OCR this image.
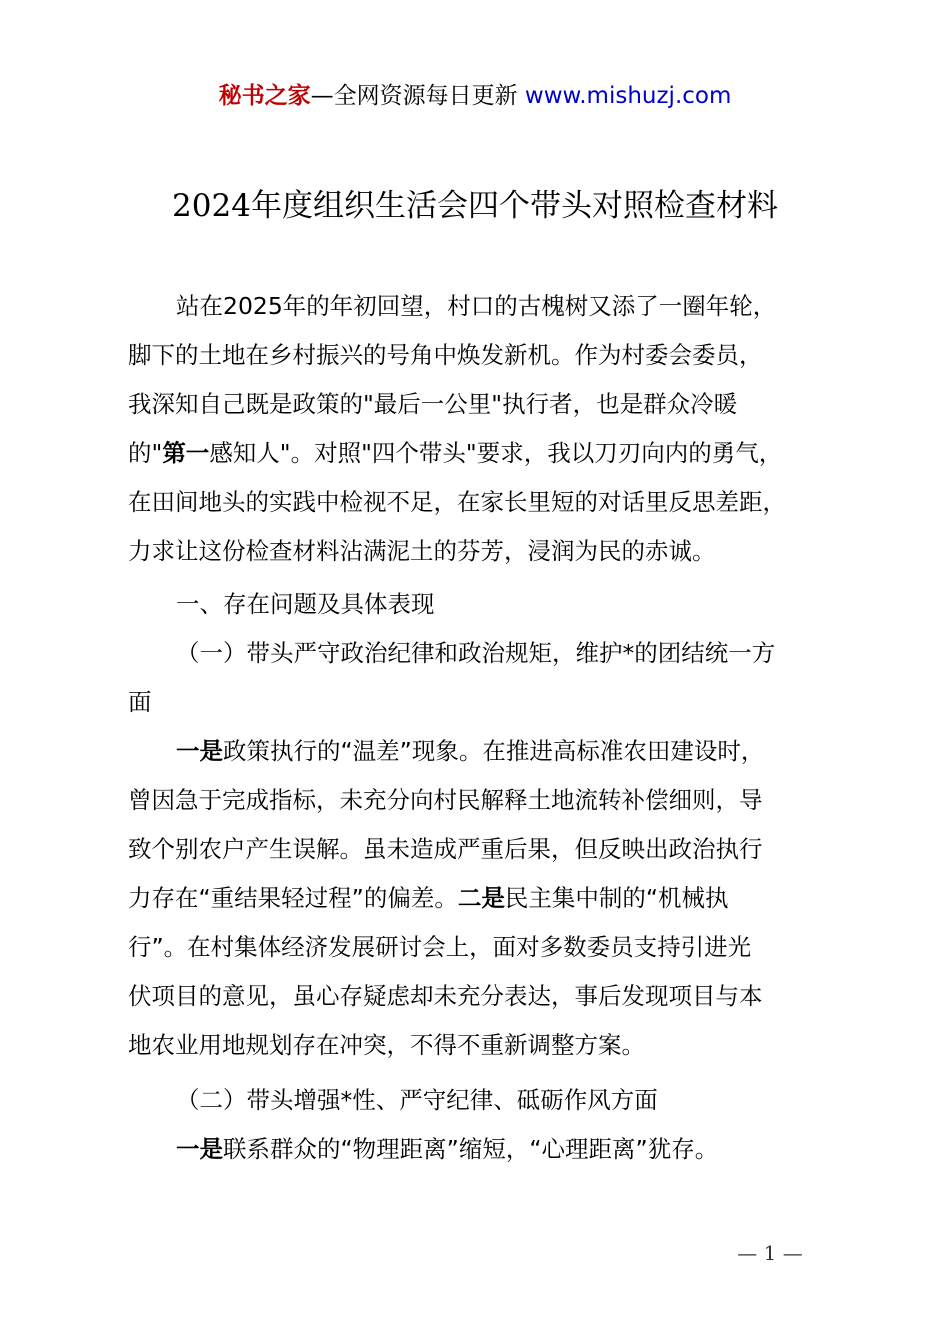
秘书之家—全网资源每日更新 www.mishuzj.com
2024年度组织生活会四个带头对照检查材料
站在2025年的年初回望，村口的古槐树又添了一圈年轮，
脚下的土地在乡村振兴的号角中焕发新机。作为村委会委员，
我深知自己既是政策的"最后一公里"执行者，也是群众冷暖
的"第一感知人"。对照"四个带头"要求，我以刀刃向内的勇气，
在田间地头的实践中检视不足，在家长里短的对话里反思差距，
力求让这份检查材料沾满泥土的芬芳，浸润为民的赤诚。
一、存在问题及具体表现
（一）带头严守政治纪律和政治规矩，维护*的团结统一方
面
一是政策执行的“温差”现象。在推进高标准农田建设时，
曾因急于完成指标，未充分向村民解释土地流转补偿细则，导
致个别农户产生误解。虽未造成严重后果，但反映出政治执行
力存在“重结果轻过程”的偏差。二是民主集中制的“机械执
行”。在村集体经济发展研讨会上，面对多数委员支持引进光
伏项目的意见，虽心存疑虑却未充分表达，事后发现项目与本
地农业用地规划存在冲突，不得不重新调整方案。
（二）带头增强*性、严守纪律、砥砺作风方面
一是联系群众的“物理距离”缩短，“心理距离”犹存。
— 1 —
